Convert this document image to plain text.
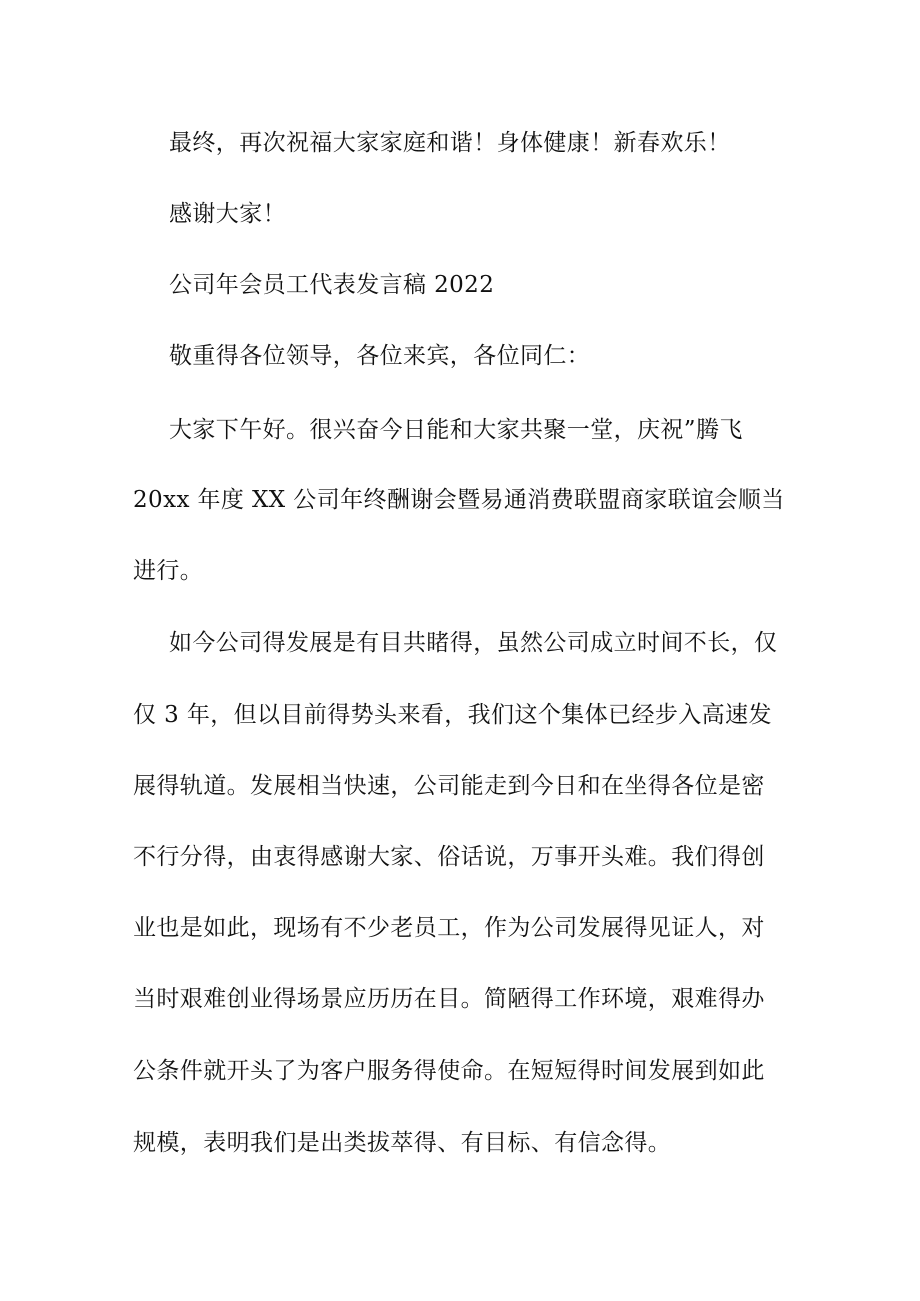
最终，再次祝福大家家庭和谐！身体健康！新春欢乐！
感谢大家！
公司年会员工代表发言稿 2022
敬重得各位领导，各位来宾，各位同仁：
大家下午好。很兴奋今日能和大家共聚一堂，庆祝”腾飞
20xx 年度 XX 公司年终酬谢会暨易通消费联盟商家联谊会顺当
进行。
如今公司得发展是有目共睹得，虽然公司成立时间不长，仅
仅 3 年，但以目前得势头来看，我们这个集体已经步入高速发
展得轨道。发展相当快速，公司能走到今日和在坐得各位是密
不行分得，由衷得感谢大家、俗话说，万事开头难。我们得创
业也是如此，现场有不少老员工，作为公司发展得见证人，对
当时艰难创业得场景应历历在目。简陋得工作环境，艰难得办
公条件就开头了为客户服务得使命。在短短得时间发展到如此
规模，表明我们是出类拔萃得、有目标、有信念得。
